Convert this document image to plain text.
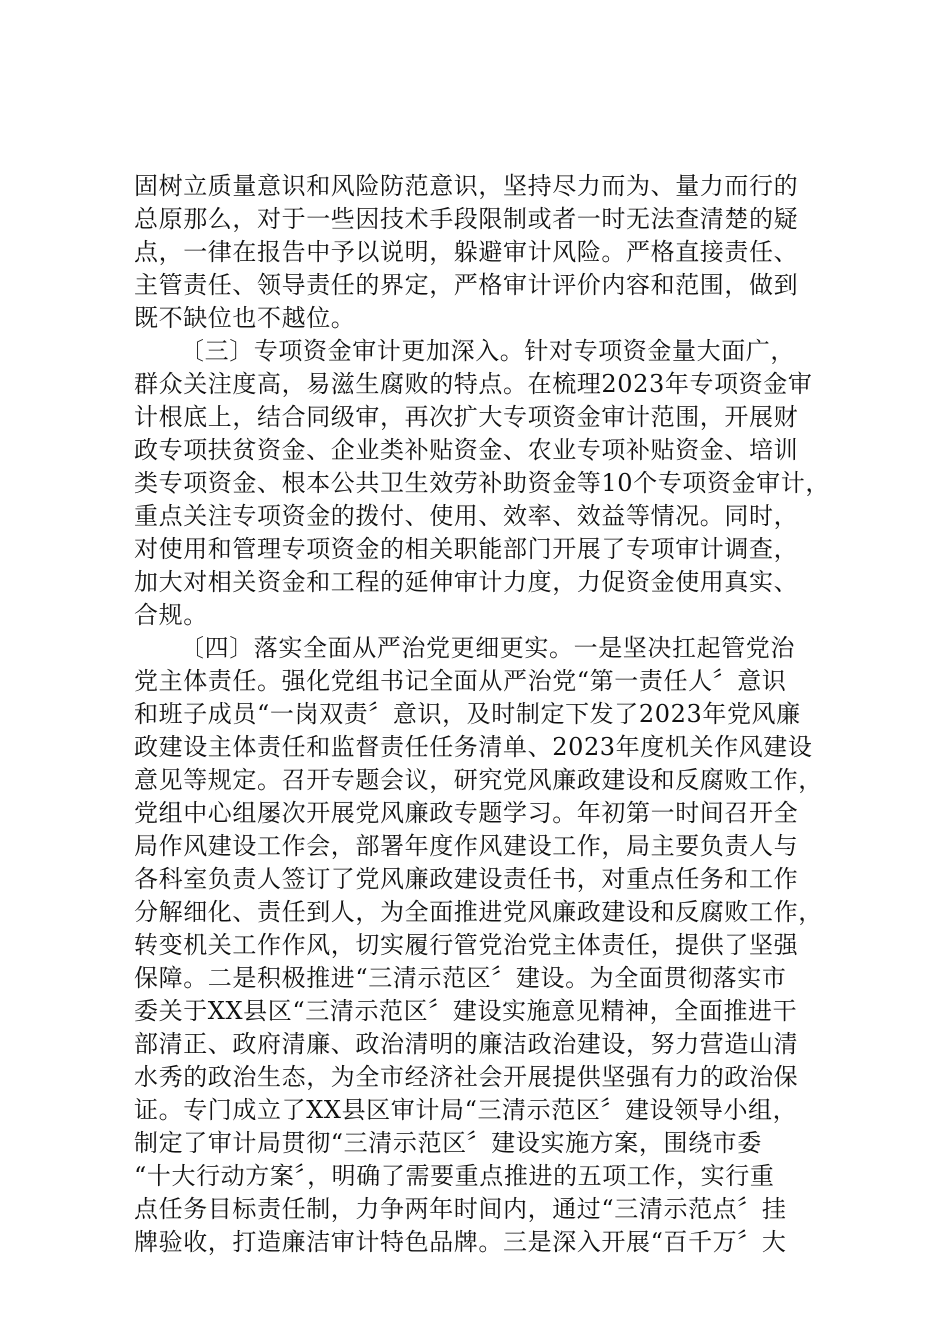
固树立质量意识和风险防范意识，坚持尽力而为、量力而行的
总原那么，对于一些因技术手段限制或者一时无法查清楚的疑
点，一律在报告中予以说明，躲避审计风险。严格直接责任、
主管责任、领导责任的界定，严格审计评价内容和范围，做到
既不缺位也不越位。
〔三〕专项资金审计更加深入。针对专项资金量大面广，
群众关注度高，易滋生腐败的特点。在梳理2023年专项资金审
计根底上，结合同级审，再次扩大专项资金审计范围，开展财
政专项扶贫资金、企业类补贴资金、农业专项补贴资金、培训
类专项资金、根本公共卫生效劳补助资金等10个专项资金审计，
重点关注专项资金的拨付、使用、效率、效益等情况。同时，
对使用和管理专项资金的相关职能部门开展了专项审计调查，
加大对相关资金和工程的延伸审计力度，力促资金使用真实、
合规。
〔四〕落实全面从严治党更细更实。一是坚决扛起管党治
党主体责任。强化党组书记全面从严治党“第一责任人〞意识
和班子成员“一岗双责〞意识，及时制定下发了2023年党风廉
政建设主体责任和监督责任任务清单、2023年度机关作风建设
意见等规定。召开专题会议，研究党风廉政建设和反腐败工作，
党组中心组屡次开展党风廉政专题学习。年初第一时间召开全
局作风建设工作会，部署年度作风建设工作，局主要负责人与
各科室负责人签订了党风廉政建设责任书，对重点任务和工作
分解细化、责任到人，为全面推进党风廉政建设和反腐败工作，
转变机关工作作风，切实履行管党治党主体责任，提供了坚强
保障。二是积极推进“三清示范区〞建设。为全面贯彻落实市
委关于XX县区“三清示范区〞建设实施意见精神，全面推进干
部清正、政府清廉、政治清明的廉洁政治建设，努力营造山清
水秀的政治生态，为全市经济社会开展提供坚强有力的政治保
证。专门成立了XX县区审计局“三清示范区〞建设领导小组，
制定了审计局贯彻“三清示范区〞建设实施方案，围绕市委
“十大行动方案〞，明确了需要重点推进的五项工作，实行重
点任务目标责任制，力争两年时间内，通过“三清示范点〞挂
牌验收，打造廉洁审计特色品牌。三是深入开展“百千万〞大
